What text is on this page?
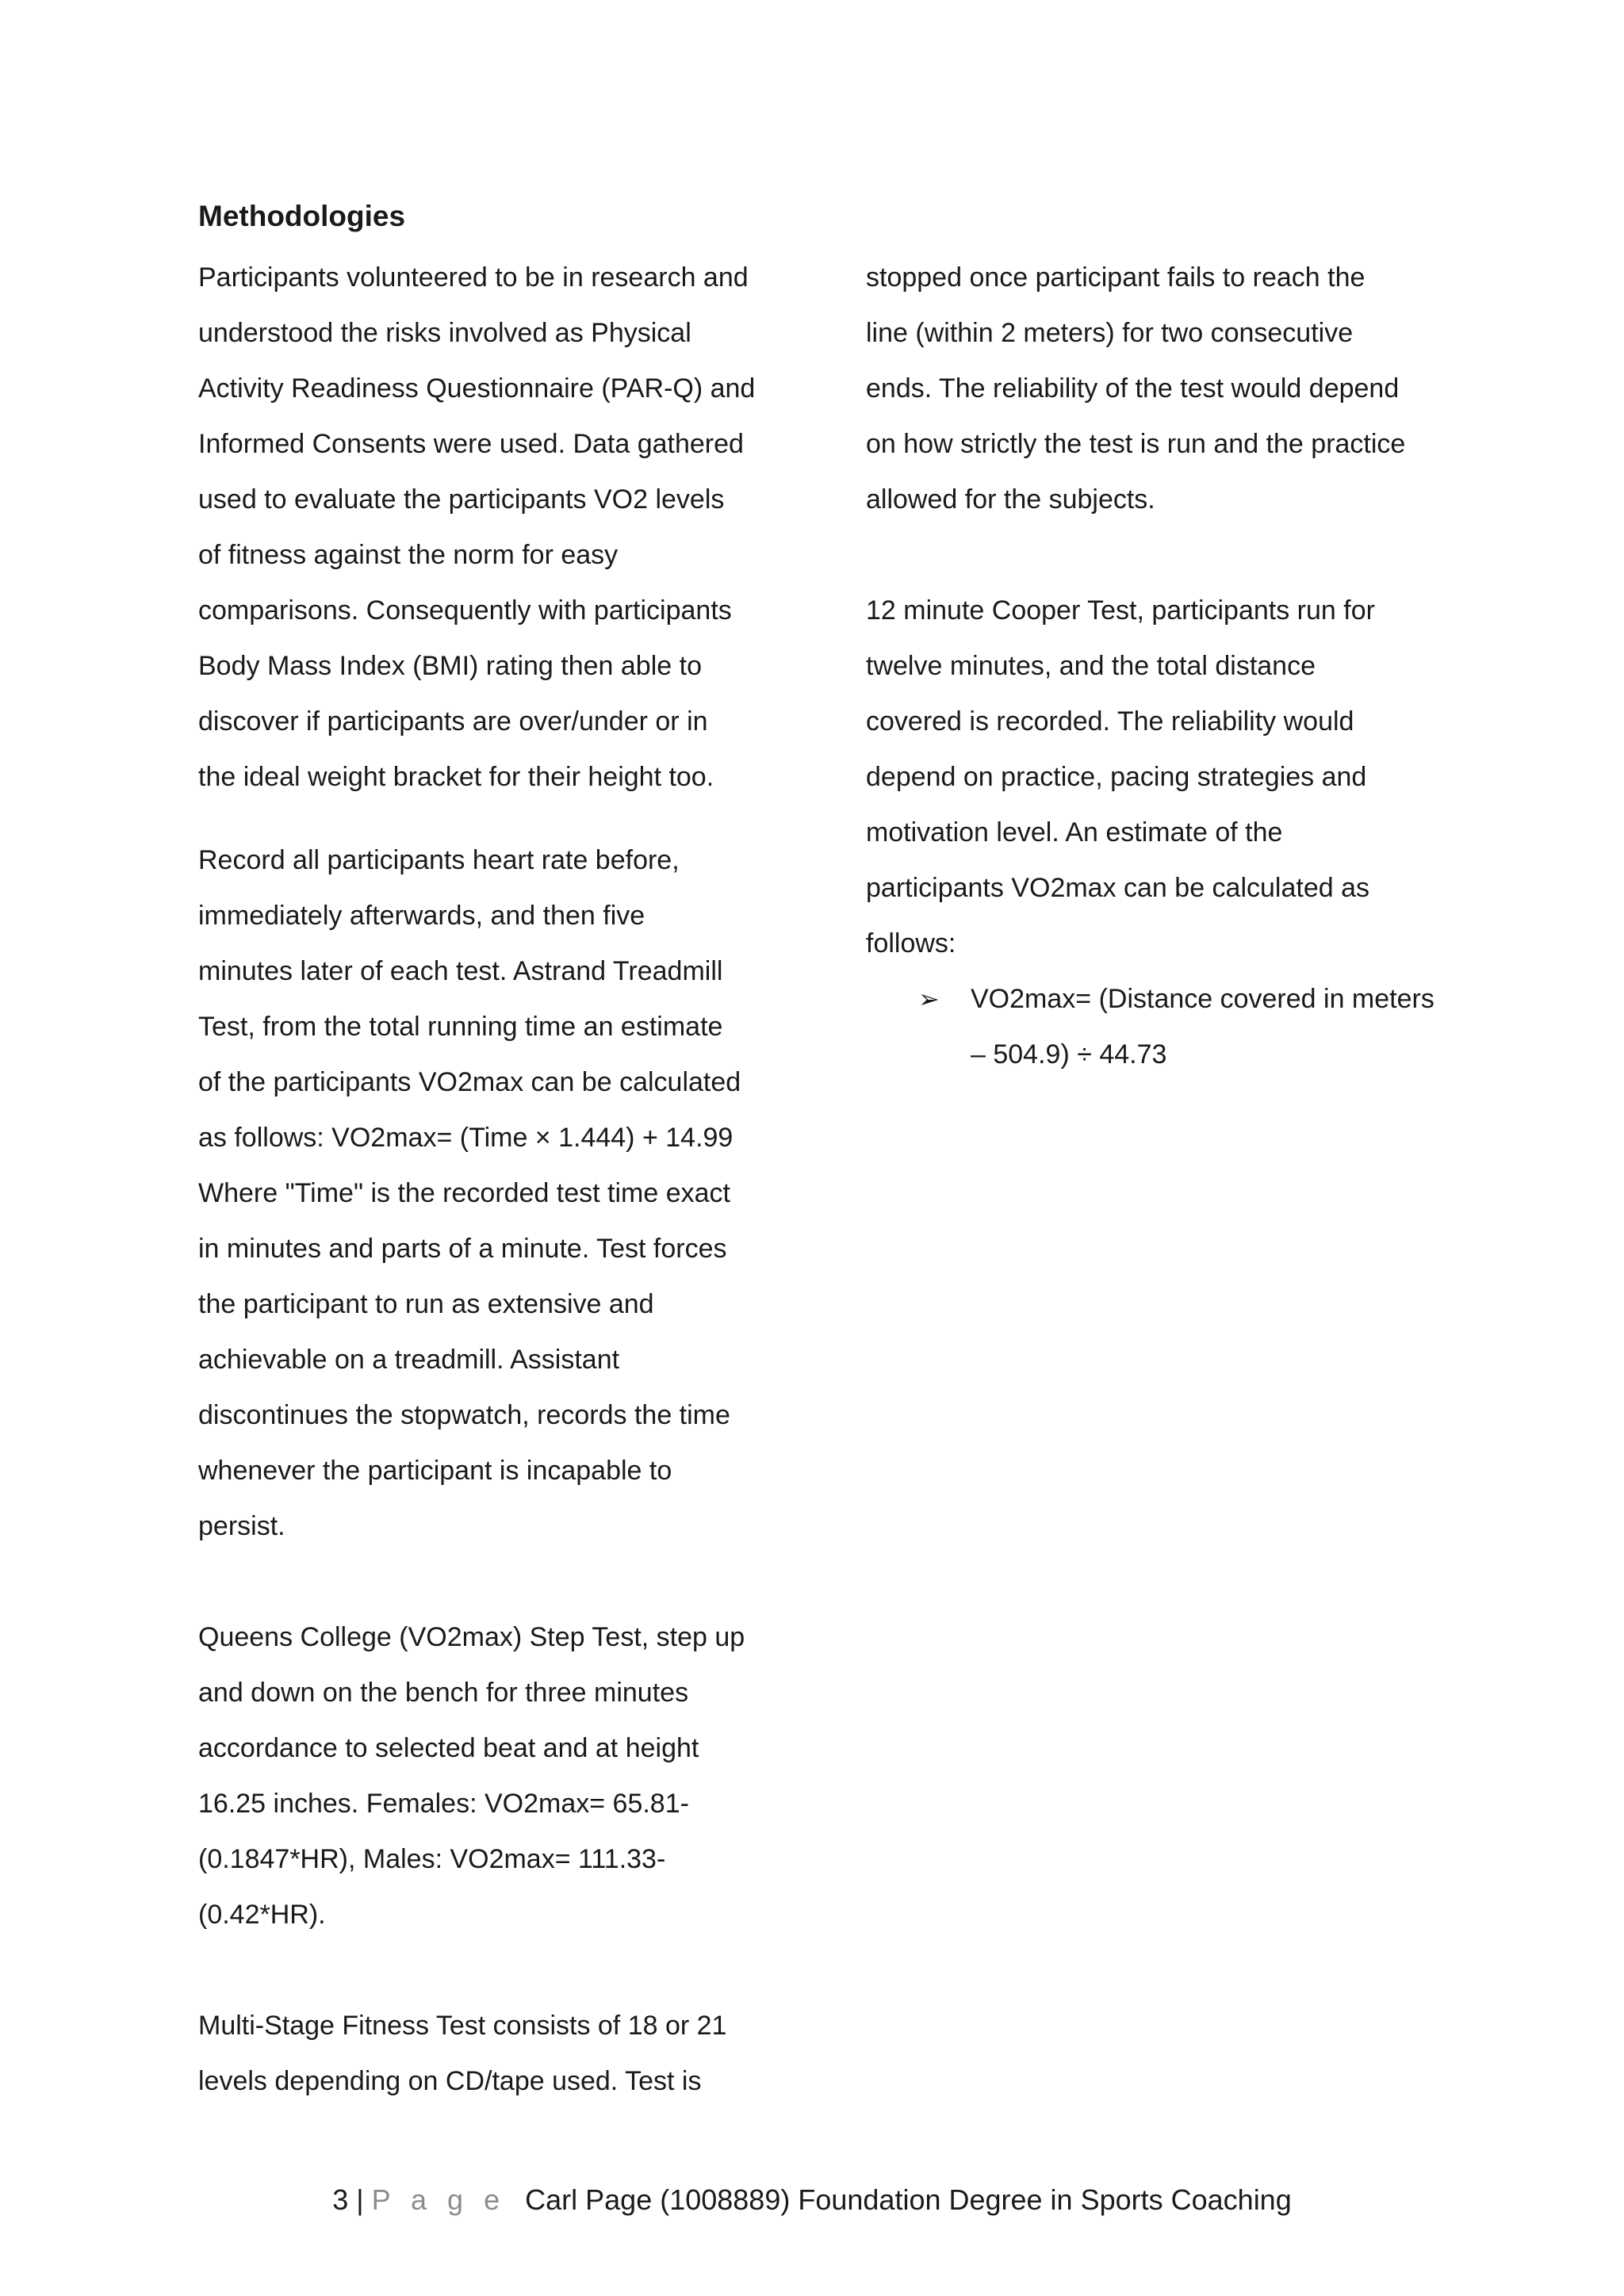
Methodologies
Participants volunteered to be in research and
understood the risks involved as Physical
Activity Readiness Questionnaire (PAR-Q) and
Informed Consents were used. Data gathered
used to evaluate the participants VO2 levels
of fitness against the norm for easy
comparisons. Consequently with participants
Body Mass Index (BMI) rating then able to
discover if participants are over/under or in
the ideal weight bracket for their height too.
Record all participants heart rate before,
immediately afterwards, and then five
minutes later of each test. Astrand Treadmill
Test, from the total running time an estimate
of the participants VO2max can be calculated
as follows: VO2max= (Time × 1.444) + 14.99
Where "Time" is the recorded test time exact
in minutes and parts of a minute. Test forces
the participant to run as extensive and
achievable on a treadmill. Assistant
discontinues the stopwatch, records the time
whenever the participant is incapable to
persist.
Queens College (VO2max) Step Test, step up
and down on the bench for three minutes
accordance to selected beat and at height
16.25 inches. Females: VO2max= 65.81-
(0.1847*HR), Males: VO2max= 111.33-
(0.42*HR).
Multi-Stage Fitness Test consists of 18 or 21
levels depending on CD/tape used. Test is
stopped once participant fails to reach the
line (within 2 meters) for two consecutive
ends. The reliability of the test would depend
on how strictly the test is run and the practice
allowed for the subjects.
12 minute Cooper Test, participants run for
twelve minutes, and the total distance
covered is recorded. The reliability would
depend on practice, pacing strategies and
motivation level. An estimate of the
participants VO2max can be calculated as
follows:
➢ VO2max= (Distance covered in meters
– 504.9) ÷ 44.73
3 | P a g e Carl Page (1008889) Foundation Degree in Sports Coaching
